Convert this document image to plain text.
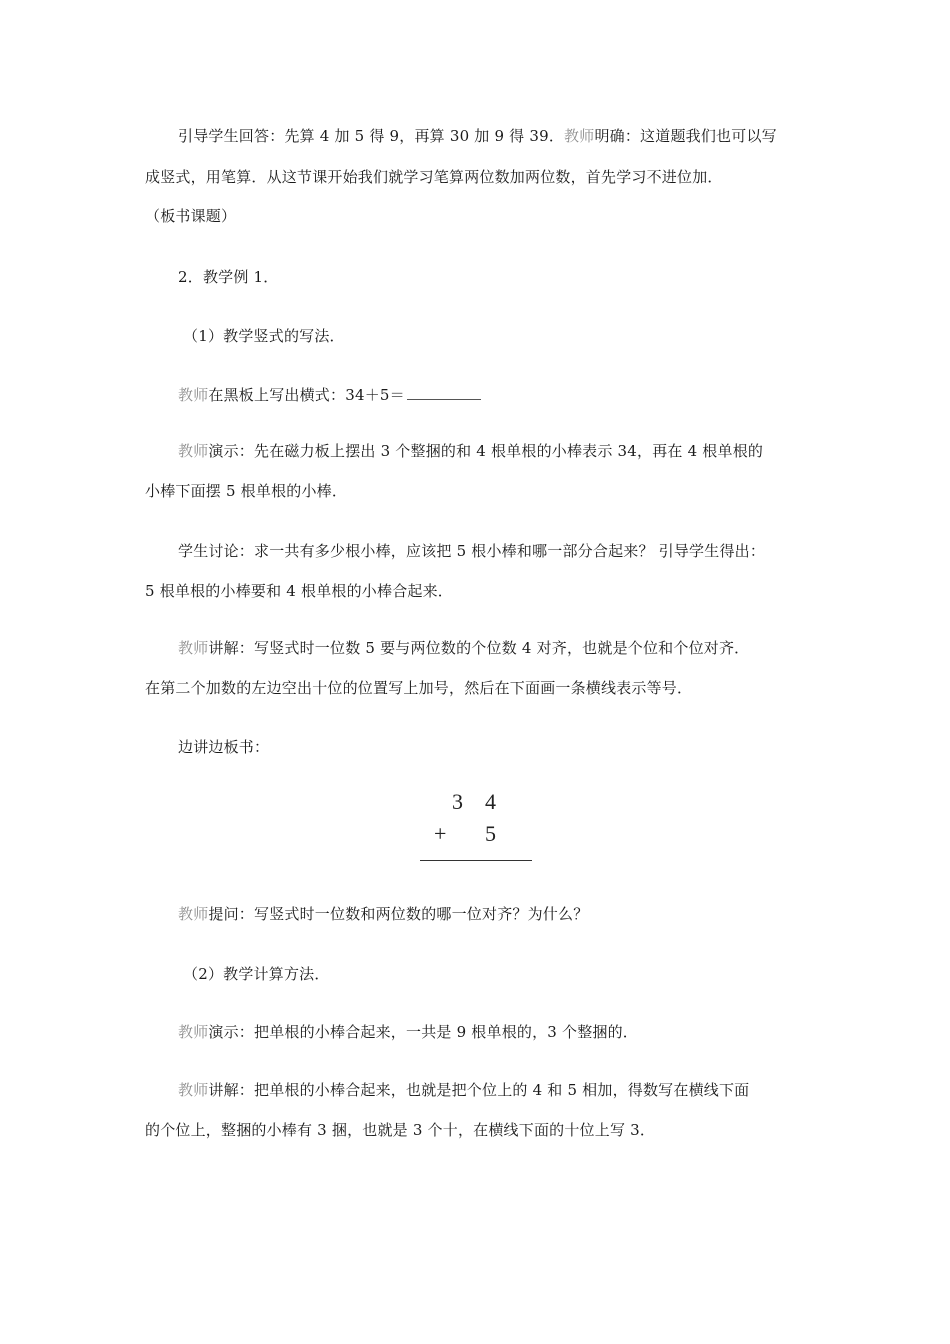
引导学生回答：先算 4 加 5 得 9，再算 30 加 9 得 39．教师明确：这道题我们也可以写
成竖式，用笔算．从这节课开始我们就学习笔算两位数加两位数，首先学习不进位加．
（板书课题）
2．教学例 1．
（1）教学竖式的写法．
教师在黑板上写出横式：34＋5＝
教师演示：先在磁力板上摆出 3 个整捆的和 4 根单根的小棒表示 34，再在 4 根单根的
小棒下面摆 5 根单根的小棒．
学生讨论：求一共有多少根小棒，应该把 5 根小棒和哪一部分合起来？ 引导学生得出：
5 根单根的小棒要和 4 根单根的小棒合起来．
教师讲解：写竖式时一位数 5 要与两位数的个位数 4 对齐，也就是个位和个位对齐．
在第二个加数的左边空出十位的位置写上加号，然后在下面画一条横线表示等号．
边讲边板书：
3 4
+ 5
教师提问：写竖式时一位数和两位数的哪一位对齐？为什么？
（2）教学计算方法．
教师演示：把单根的小棒合起来，一共是 9 根单根的，3 个整捆的．
教师讲解：把单根的小棒合起来，也就是把个位上的 4 和 5 相加，得数写在横线下面
的个位上，整捆的小棒有 3 捆，也就是 3 个十，在横线下面的十位上写 3．
